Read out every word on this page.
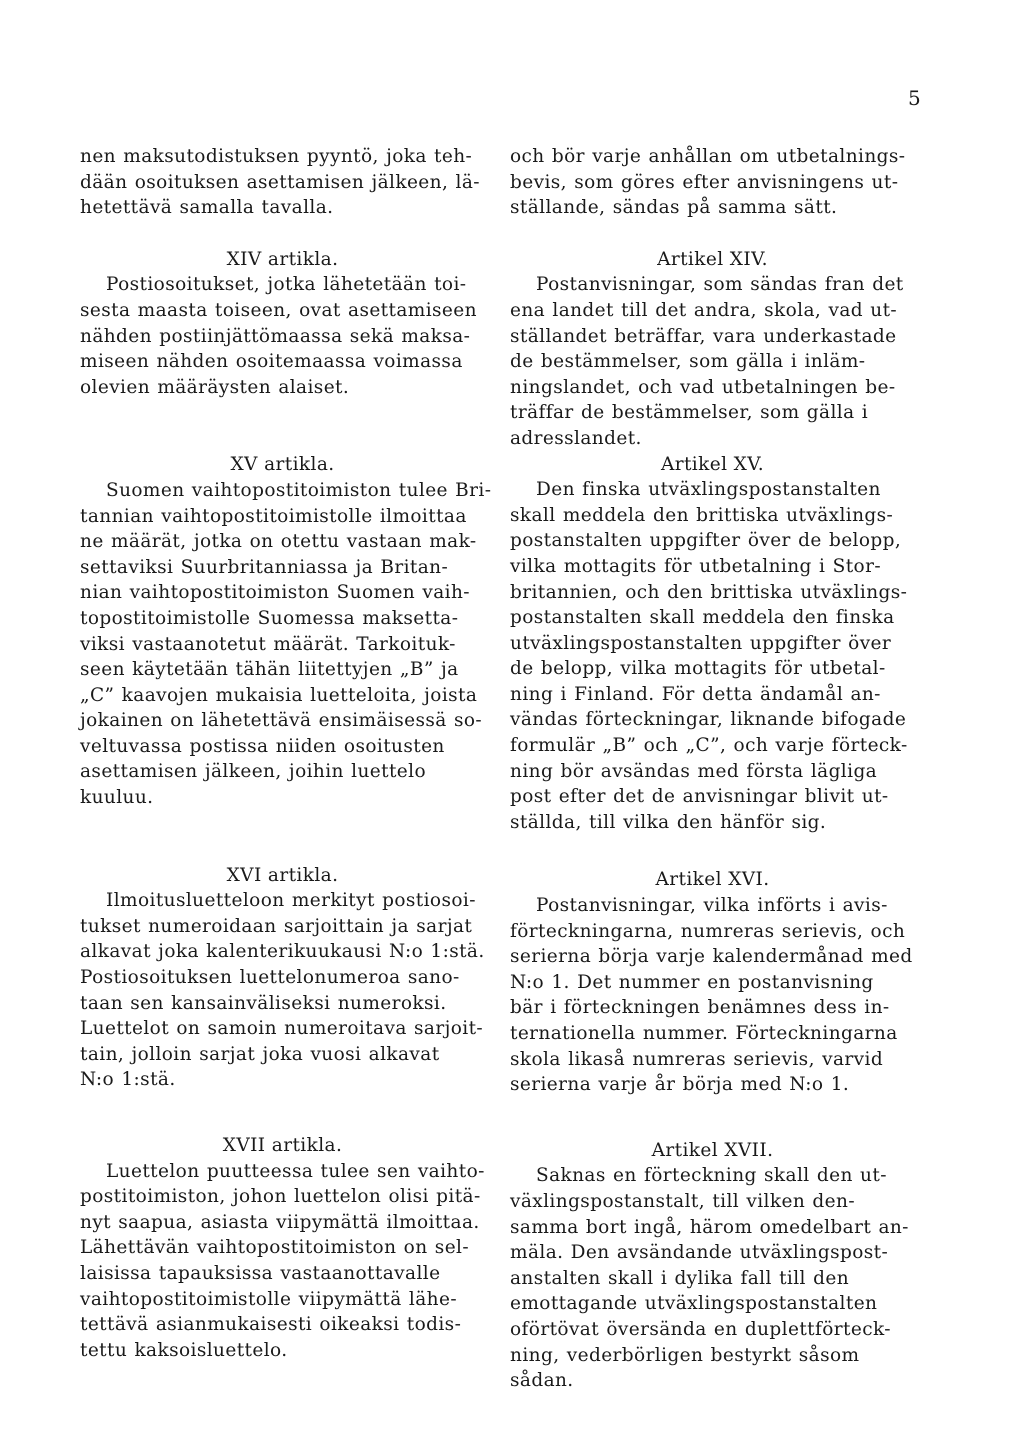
5
nen maksutodistuksen pyyntö, joka teh-
dään osoituksen asettamisen jälkeen, lä-
hetettävä samalla tavalla.
XIV artikla.
Postiosoitukset, jotka lähetetään toi-
sesta maasta toiseen, ovat asettamiseen
nähden postiinjättömaassa sekä maksa-
miseen nähden osoitemaassa voimassa
olevien määräysten alaiset.
XV artikla.
Suomen vaihtopostitoimiston tulee Bri-
tannian vaihtopostitoimistolle ilmoittaa
ne määrät, jotka on otettu vastaan mak-
settaviksi Suurbritanniassa ja Britan-
nian vaihtopostitoimiston Suomen vaih-
topostitoimistolle Suomessa maksetta-
viksi vastaanotetut määrät. Tarkoituk-
seen käytetään tähän liitettyjen „B” ja
„C” kaavojen mukaisia luetteloita, joista
jokainen on lähetettävä ensimäisessä so-
veltuvassa postissa niiden osoitusten
asettamisen jälkeen, joihin luettelo
kuuluu.
XVI artikla.
Ilmoitusluetteloon merkityt postiosoi-
tukset numeroidaan sarjoittain ja sarjat
alkavat joka kalenterikuukausi N:o 1:stä.
Postiosoituksen luettelonumeroa sano-
taan sen kansainväliseksi numeroksi.
Luettelot on samoin numeroitava sarjoit-
tain, jolloin sarjat joka vuosi alkavat
N:o 1:stä.
XVII artikla.
Luettelon puutteessa tulee sen vaihto-
postitoimiston, johon luettelon olisi pitä-
nyt saapua, asiasta viipymättä ilmoittaa.
Lähettävän vaihtopostitoimiston on sel-
laisissa tapauksissa vastaanottavalle
vaihtopostitoimistolle viipymättä lähe-
tettävä asianmukaisesti oikeaksi todis-
tettu kaksoisluettelo.
och bör varje anhållan om utbetalnings-
bevis, som göres efter anvisningens ut-
ställande, sändas på samma sätt.
Artikel XIV.
Postanvisningar, som sändas fran det
ena landet till det andra, skola, vad ut-
ställandet beträffar, vara underkastade
de bestämmelser, som gälla i inläm-
ningslandet, och vad utbetalningen be-
träffar de bestämmelser, som gälla i
adresslandet.
Artikel XV.
Den finska utväxlingspostanstalten
skall meddela den brittiska utväxlings-
postanstalten uppgifter över de belopp,
vilka mottagits för utbetalning i Stor-
britannien, och den brittiska utväxlings-
postanstalten skall meddela den finska
utväxlingspostanstalten uppgifter över
de belopp, vilka mottagits för utbetal-
ning i Finland. För detta ändamål an-
vändas förteckningar, liknande bifogade
formulär „B” och „C”, och varje förteck-
ning bör avsändas med första lägliga
post efter det de anvisningar blivit ut-
ställda, till vilka den hänför sig.
Artikel XVI.
Postanvisningar, vilka införts i avis-
förteckningarna, numreras serievis, och
serierna börja varje kalendermånad med
N:o 1. Det nummer en postanvisning
bär i förteckningen benämnes dess in-
ternationella nummer. Förteckningarna
skola likaså numreras serievis, varvid
serierna varje år börja med N:o 1.
Artikel XVII.
Saknas en förteckning skall den ut-
växlingspostanstalt, till vilken den-
samma bort ingå, härom omedelbart an-
mäla. Den avsändande utväxlingspost-
anstalten skall i dylika fall till den
emottagande utväxlingspostanstalten
oförtövat översända en duplettförteck-
ning, vederbörligen bestyrkt såsom
sådan.
